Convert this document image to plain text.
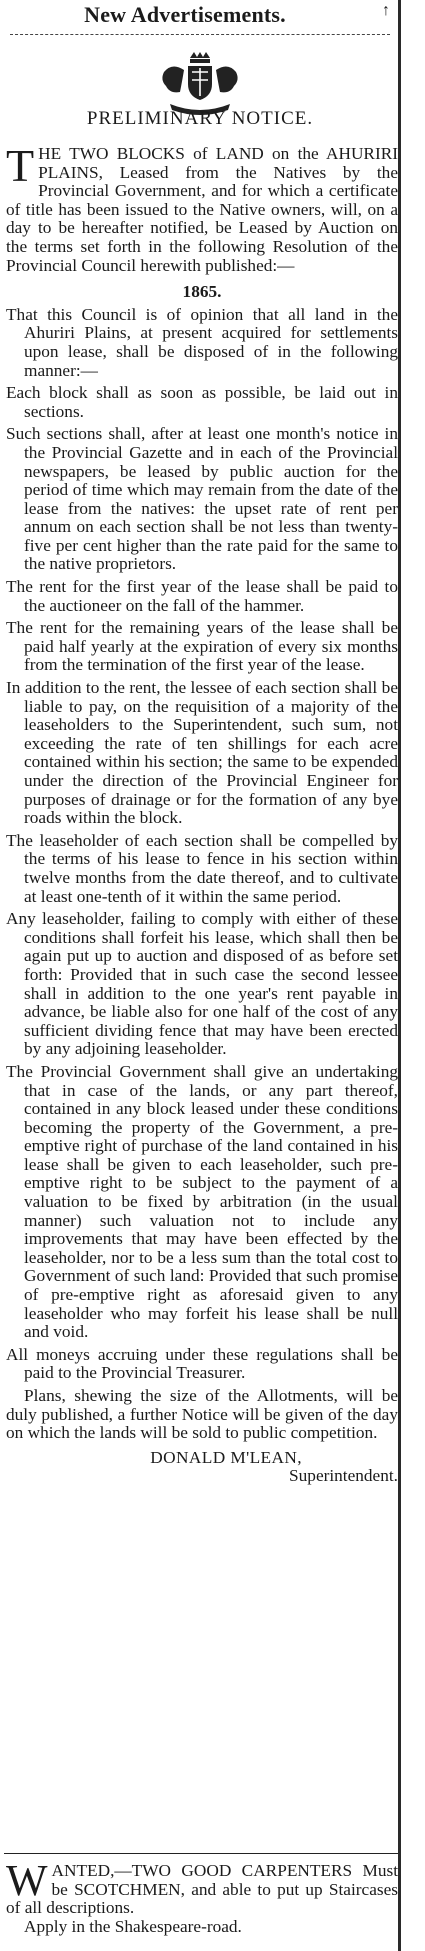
New Advertisements.	↑
PRELIMINARY NOTICE.

THE TWO BLOCKS of LAND on the AHURIRI PLAINS, Leased from the Natives by the Provincial Government, and for which a certificate of title has been issued to the Native owners, will, on a day to be hereafter notified, be Leased by Auction on the terms set forth in the following Resolution of the Provincial Council herewith published:—

1865.

That this Council is of opinion that all land in the Ahuriri Plains, at present acquired for settlements upon lease, shall be disposed of in the following manner:—

Each block shall as soon as possible, be laid out in sections.

Such sections shall, after at least one month's notice in the Provincial Gazette and in each of the Provincial newspapers, be leased by public auction for the period of time which may remain from the date of the lease from the natives: the upset rate of rent per annum on each section shall be not less than twenty-five per cent higher than the rate paid for the same to the native proprietors.

The rent for the first year of the lease shall be paid to the auctioneer on the fall of the hammer.

The rent for the remaining years of the lease shall be paid half yearly at the expiration of every six months from the termination of the first year of the lease.

In addition to the rent, the lessee of each section shall be liable to pay, on the requisition of a majority of the leaseholders to the Superintendent, such sum, not exceeding the rate of ten shillings for each acre contained within his section; the same to be expended under the direction of the Provincial Engineer for purposes of drainage or for the formation of any bye roads within the block.

The leaseholder of each section shall be compelled by the terms of his lease to fence in his section within twelve months from the date thereof, and to cultivate at least one-tenth of it within the same period.

Any leaseholder, failing to comply with either of these conditions shall forfeit his lease, which shall then be again put up to auction and disposed of as before set forth: Provided that in such case the second lessee shall in addition to the one year's rent payable in advance, be liable also for one half of the cost of any sufficient dividing fence that may have been erected by any adjoining leaseholder.

The Provincial Government shall give an undertaking that in case of the lands, or any part thereof, contained in any block leased under these conditions becoming the property of the Government, a pre-emptive right of purchase of the land contained in his lease shall be given to each leaseholder, such pre-emptive right to be subject to the payment of a valuation to be fixed by arbitration (in the usual manner) such valuation not to include any improvements that may have been effected by the leaseholder, nor to be a less sum than the total cost to Government of such land: Provided that such promise of pre-emptive right as aforesaid given to any leaseholder who may forfeit his lease shall be null and void.

All moneys accruing under these regulations shall be paid to the Provincial Treasurer.

Plans, shewing the size of the Allotments, will be duly published, a further Notice will be given of the day on which the lands will be sold to public competition.

DONALD M'LEAN,
Superintendent.
WANTED,—TWO GOOD CARPENTERS Must be SCOTCHMEN, and able to put up Staircases of all descriptions.
Apply in the Shakespeare-road.
